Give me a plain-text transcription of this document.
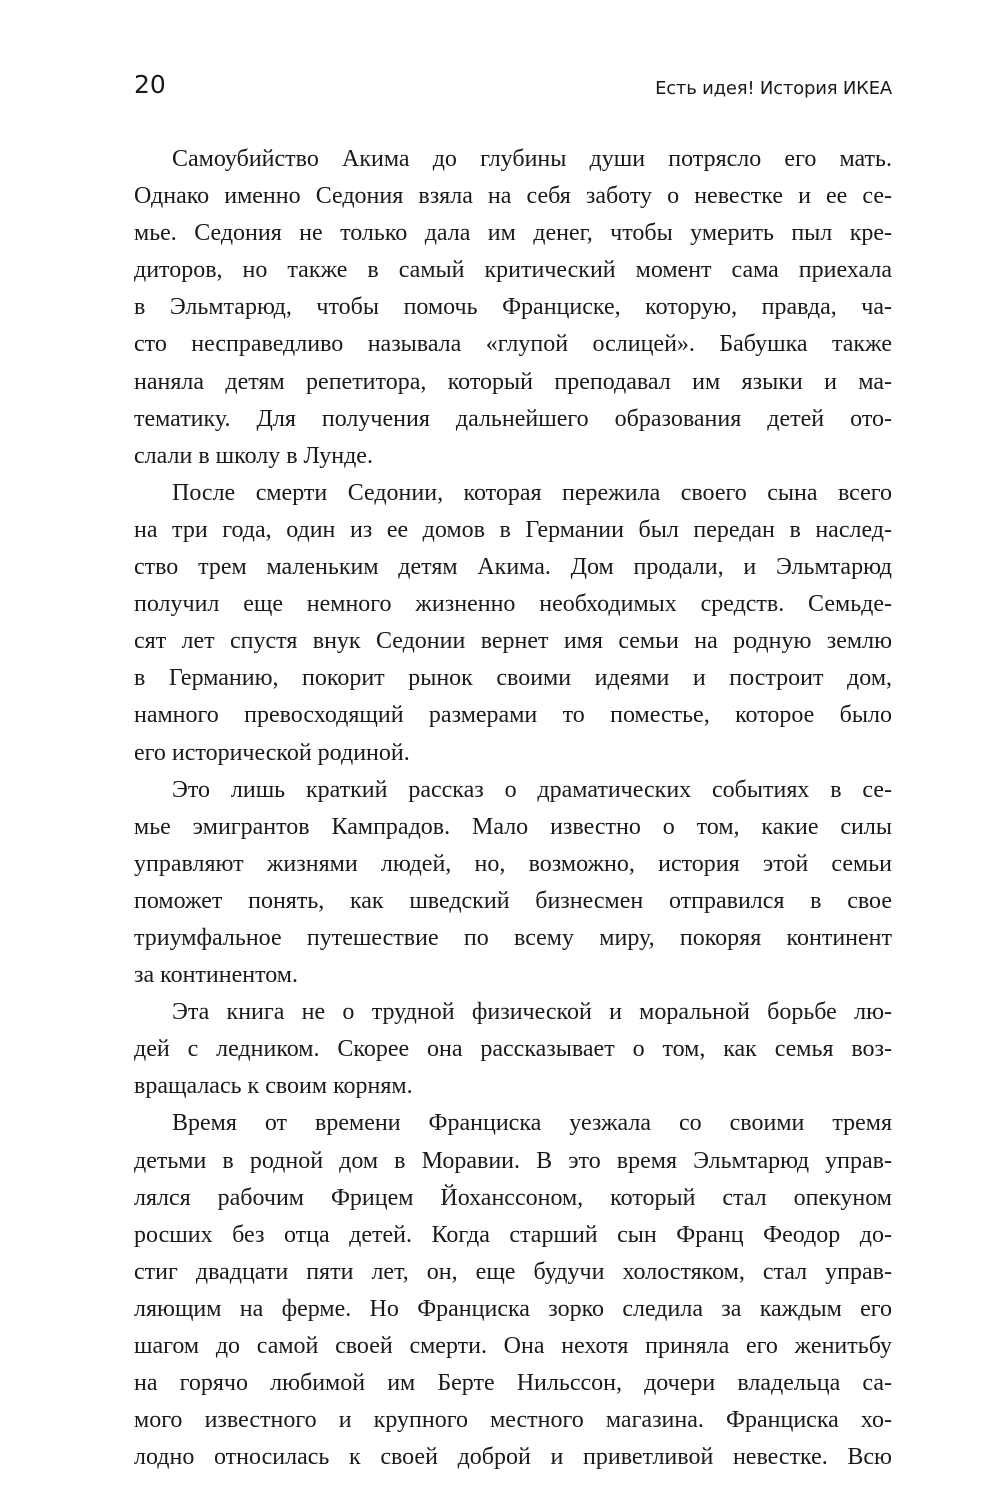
20	Есть идея! История ИКЕА
Самоубийство Акима до глубины души потрясло его мать.
Однако именно Седония взяла на себя заботу о невестке и ее се-
мье. Седония не только дала им денег, чтобы умерить пыл кре-
диторов, но также в самый критический момент сама приехала
в Эльмтарюд, чтобы помочь Франциске, которую, правда, ча-
сто несправедливо называла «глупой ослицей». Бабушка также
наняла детям репетитора, который преподавал им языки и ма-
тематику. Для получения дальнейшего образования детей ото-
слали в школу в Лунде.
После смерти Седонии, которая пережила своего сына всего
на три года, один из ее домов в Германии был передан в наслед-
ство трем маленьким детям Акима. Дом продали, и Эльмтарюд
получил еще немного жизненно необходимых средств. Семьде-
сят лет спустя внук Седонии вернет имя семьи на родную землю
в Германию, покорит рынок своими идеями и построит дом,
намного превосходящий размерами то поместье, которое было
его исторической родиной.
Это лишь краткий рассказ о драматических событиях в се-
мье эмигрантов Кампрадов. Мало известно о том, какие силы
управляют жизнями людей, но, возможно, история этой семьи
поможет понять, как шведский бизнесмен отправился в свое
триумфальное путешествие по всему миру, покоряя континент
за континентом.
Эта книга не о трудной физической и моральной борьбе лю-
дей с ледником. Скорее она рассказывает о том, как семья воз-
вращалась к своим корням.
Время от времени Франциска уезжала со своими тремя
детьми в родной дом в Моравии. В это время Эльмтарюд управ-
лялся рабочим Фрицем Йохансcоном, который стал опекуном
росших без отца детей. Когда старший сын Франц Феодор до-
стиг двадцати пяти лет, он, еще будучи холостяком, стал управ-
ляющим на ферме. Но Франциска зорко следила за каждым его
шагом до самой своей смерти. Она нехотя приняла его женитьбу
на горячо любимой им Берте Нильссон, дочери владельца са-
мого известного и крупного местного магазина. Франциска хо-
лодно относилась к своей доброй и приветливой невестке. Всю
